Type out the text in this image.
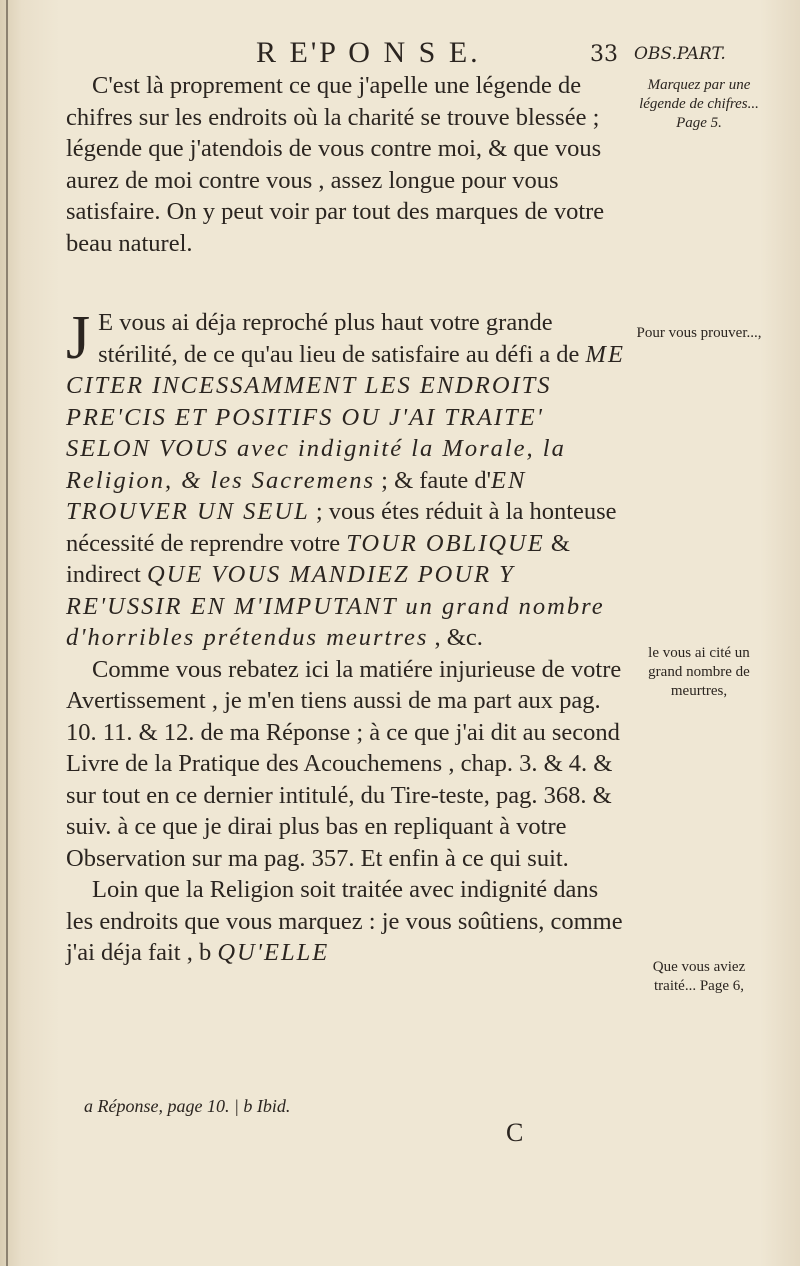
R E'P O N S E.	33 OBS.PART.

C'est là proprement ce que j'apelle une légende de chifres sur les endroits où la charité se trouve blessée ; légende que j'atendois de vous contre moi, & que vous aurez de moi contre vous , assez longue pour vous satisfaire. On y peut voir par tout des marques de votre beau naturel.

J E vous ai déja reproché plus haut votre grande stérilité, de ce qu'au lieu de satisfaire au défi a de ME CITER INCESSAMMENT LES ENDROITS PRE'CIS ET POSITIFS OU J'AI TRAITE' SELON VOUS avec indignité la Morale, la Religion, & les Sacremens ; & faute d'EN TROUVER UN SEUL ; vous étes réduit à la honteuse nécessité de reprendre votre TOUR OBLIQUE & indirect QUE VOUS MANDIEZ POUR Y RE'USSIR EN M'IMPUTANT un grand nombre d'horribles prétendus meurtres , &c.

Comme vous rebatez ici la matiére injurieuse de votre Avertissement , je m'en tiens aussi de ma part aux pag. 10. 11. & 12. de ma Réponse ; à ce que j'ai dit au second Livre de la Pratique des Acouchemens , chap. 3. & 4. & sur tout en ce dernier intitulé, du Tire-teste, pag. 368. & suiv. à ce que je dirai plus bas en repliquant à votre Observation sur ma pag. 357. Et enfin à ce qui suit.

Loin que la Religion soit traitée avec indignité dans les endroits que vous marquez : je vous soûtiens, comme j'ai déja fait , b QU'ELLE

Marquez par une légende de chifres... Page 5.
Pour vous prouver...,
le vous ai cité un grand nombre de meurtres,
Que vous aviez traité... Page 6,
a Réponse, page 10. | b Ibid.
C
